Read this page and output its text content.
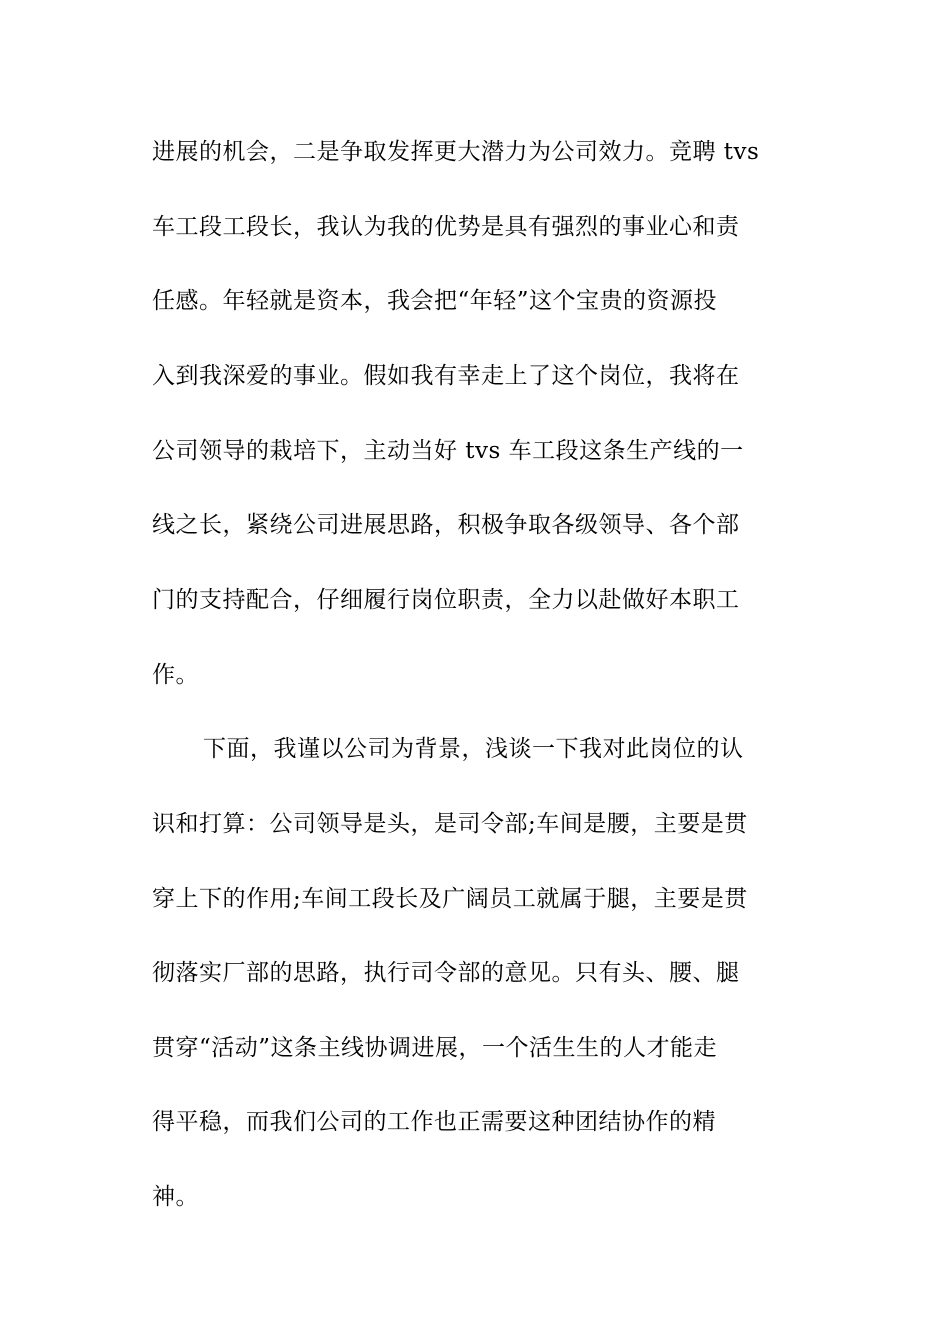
进展的机会，二是争取发挥更大潜力为公司效力。竞聘 tvs
车工段工段长，我认为我的优势是具有强烈的事业心和责
任感。年轻就是资本，我会把“年轻”这个宝贵的资源投
入到我深爱的事业。假如我有幸走上了这个岗位，我将在
公司领导的栽培下，主动当好 tvs 车工段这条生产线的一
线之长，紧绕公司进展思路，积极争取各级领导、各个部
门的支持配合，仔细履行岗位职责，全力以赴做好本职工
作。
下面，我谨以公司为背景，浅谈一下我对此岗位的认
识和打算：公司领导是头，是司令部;车间是腰，主要是贯
穿上下的作用;车间工段长及广阔员工就属于腿，主要是贯
彻落实厂部的思路，执行司令部的意见。只有头、腰、腿
贯穿“活动”这条主线协调进展，一个活生生的人才能走
得平稳，而我们公司的工作也正需要这种团结协作的精
神。
